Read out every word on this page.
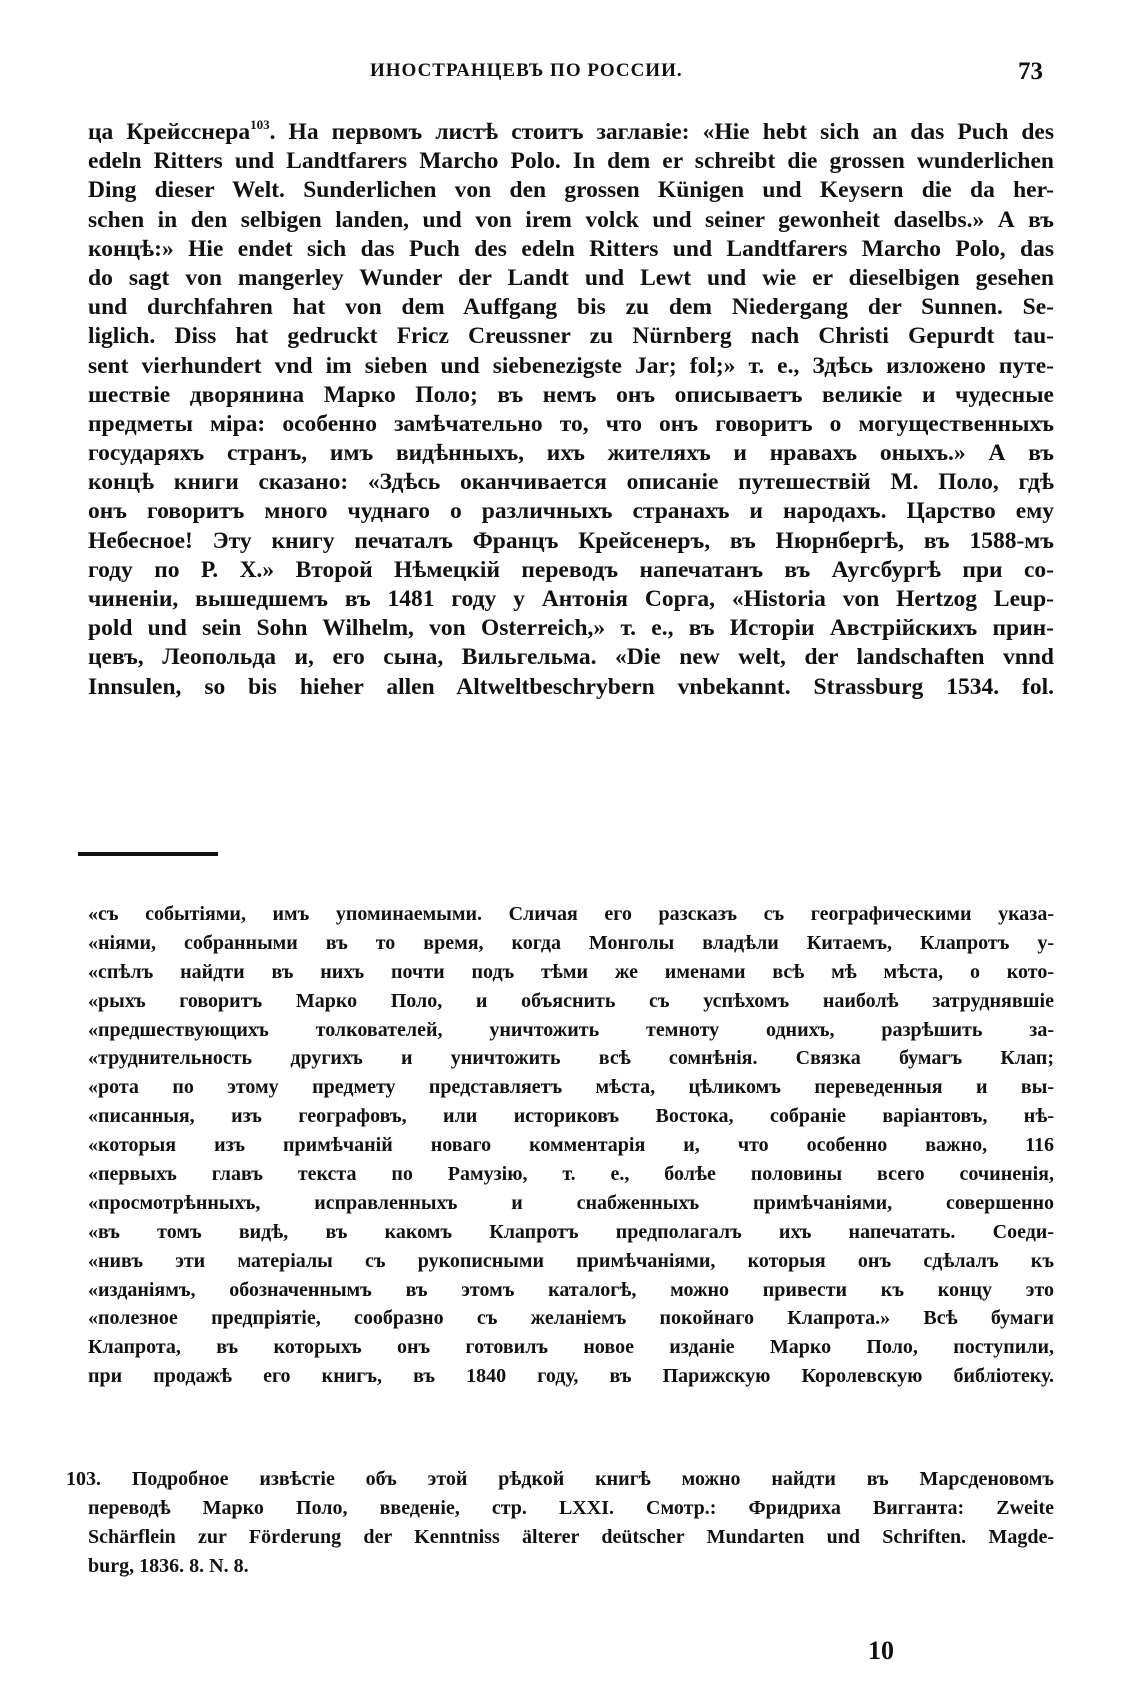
ИНОСТРАНЦЕВЪ ПО РОССИИ.	73
ца Крейсснера$^{103}$. На первомъ листѣ стоитъ заглавіе: «Hie hebt sich an das Puch des
edeln Ritters und Landtfarers Marcho Polo. In dem er schreibt die grossen wunderlichen
Ding dieser Welt. Sunderlichen von den grossen Künigen und Keysern die da her-
schen in den selbigen landen, und von irem volck und seiner gewonheit daselbs.» А въ
концѣ:» Hie endet sich das Puch des edeln Ritters und Landtfarers Marcho Polo, das
do sagt von mangerley Wunder der Landt und Lewt und wie er dieselbigen gesehen
und durchfahren hat von dem Auffgang bis zu dem Niedergang der Sunnen. Se-
liglich. Diss hat gedruckt Fricz Creussner zu Nürnberg nach Christi Gepurdt tau-
sent vierhundert vnd im sieben und siebenezigste Jar; fol;» т. е., Здѣсь изложено путе-
шествіе дворянина Марко Поло; въ немъ онъ описываетъ великіе и чудесные
предметы міра: особенно замѣчательно то, что онъ говоритъ о могущественныхъ
государяхъ странъ, имъ видѣнныхъ, ихъ жителяхъ и нравахъ оныхъ.» А въ
концѣ книги сказано: «Здѣсь оканчивается описаніе путешествій М. Поло, гдѣ
онъ говоритъ много чуднаго о различныхъ странахъ и народахъ. Царство ему
Небесное! Эту книгу печаталъ Францъ Крейсенеръ, въ Нюрнбергѣ, въ 1588-мъ
году по Р. Х.» Второй Нѣмецкій переводъ напечатанъ въ Аугсбургѣ при со-
чиненіи, вышедшемъ въ 1481 году у Антонія Сорга, «Historia von Hertzog Leup-
pold und sein Sohn Wilhelm, von Osterreich,» т. е., въ Исторіи Австрійскихъ прин-
цевъ, Леопольда и, его сына, Вильгельма. «Die new welt, der landschaften vnnd
Innsulen, so bis hieher allen Altweltbeschrybern vnbekannt. Strassburg 1534. fol.
«съ событіями, имъ упоминаемыми. Сличая его разсказъ съ географическими указа-
«ніями, собранными въ то время, когда Монголы владѣли Китаемъ, Клапротъ у-
«спѣлъ найдти въ нихъ почти подъ тѣми же именами всѣ мѣ мѣста, о кото-
«рыхъ говоритъ Марко Поло, и объяснить съ успѣхомъ наиболѣ затруднявшіе
«предшествующихъ толкователей, уничтожить темноту однихъ, разрѣшить за-
«труднительность другихъ и уничтожить всѣ сомнѣнія. Связка бумагъ Клап;
«рота по этому предмету представляетъ мѣста, цѣликомъ переведенныя и вы-
«писанныя, изъ географовъ, или историковъ Востока, собраніе варіантовъ, нѣ-
«которыя изъ примѣчаній новаго комментарія и, что особенно важно, 116
«первыхъ главъ текста по Рамузію, т. е., болѣе половины всего сочиненія,
«просмотрѣнныхъ, исправленныхъ и снабженныхъ примѣчаніями, совершенно
«въ томъ видѣ, въ какомъ Клапротъ предполагалъ ихъ напечатать. Соеди-
«нивъ эти матеріалы съ рукописными примѣчаніями, которыя онъ сдѣлалъ къ
«изданіямъ, обозначеннымъ въ этомъ каталогѣ, можно привести къ концу это
«полезное предпріятіе, сообразно съ желаніемъ покойнаго Клапрота.» Всѣ бумаги
Клапрота, въ которыхъ онъ готовилъ новое изданіе Марко Поло, поступили,
при продажѣ его книгъ, въ 1840 году, въ Парижскую Королевскую библіотеку.
103. Подробное извѣстіе объ этой рѣдкой книгѣ можно найдти въ Марсденовомъ
переводѣ Марко Поло, введеніе, стр. LXXI. Смотр.: Фридриха Виггaнта: Zweite
Schärflein zur Förderung der Kenntniss älterer deütscher Mundarten und Schriften. Magde-
burg, 1836. 8. N. 8.
10
